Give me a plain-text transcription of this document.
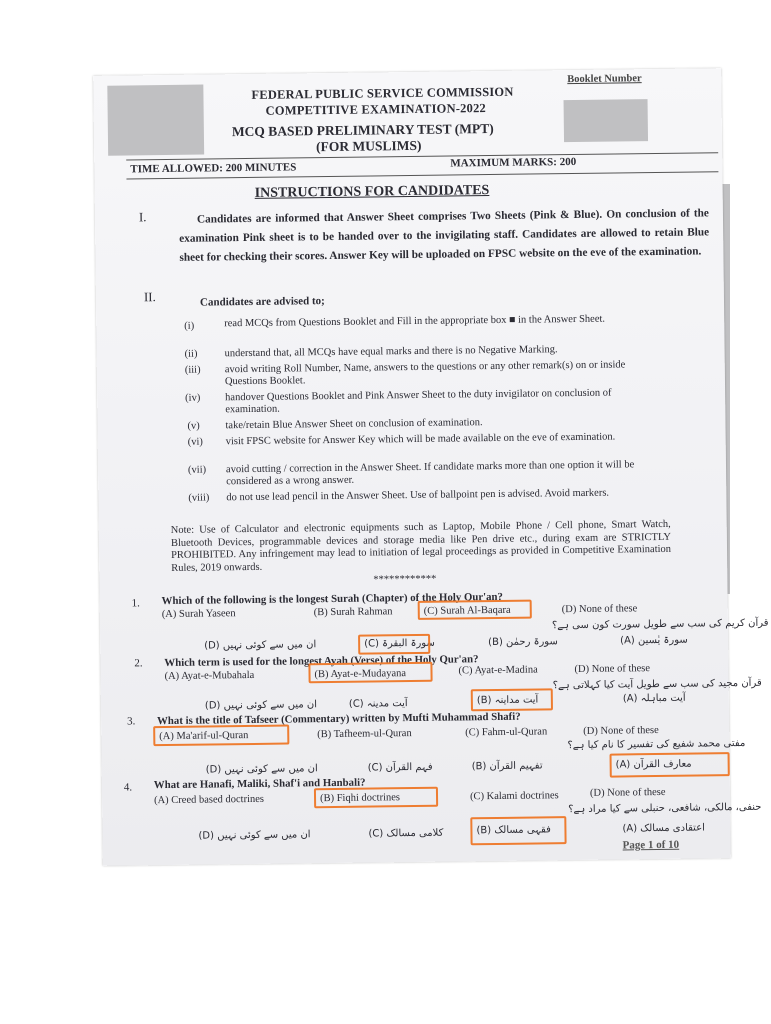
Booklet Number
FEDERAL PUBLIC SERVICE COMMISSION
COMPETITIVE EXAMINATION-2022
MCQ BASED PRELIMINARY TEST (MPT)
(FOR MUSLIMS)
TIME ALLOWED: 200 MINUTES	MAXIMUM MARKS: 200
INSTRUCTIONS FOR CANDIDATES
I.	Candidates are informed that Answer Sheet comprises Two Sheets (Pink & Blue). On conclusion of the examination Pink sheet is to be handed over to the invigilating staff. Candidates are allowed to retain Blue sheet for checking their scores. Answer Key will be uploaded on FPSC website on the eve of the examination.
II.	Candidates are advised to;
(i)	read MCQs from Questions Booklet and Fill in the appropriate box ■ in the Answer Sheet.
(ii)	understand that, all MCQs have equal marks and there is no Negative Marking.
(iii) avoid writing Roll Number, Name, answers to the questions or any other remark(s) on or inside Questions Booklet.
(iv) handover Questions Booklet and Pink Answer Sheet to the duty invigilator on conclusion of examination.
(v) take/retain Blue Answer Sheet on conclusion of examination.
(vi) visit FPSC website for Answer Key which will be made available on the eve of examination.
(vii) avoid cutting / correction in the Answer Sheet. If candidate marks more than one option it will be considered as a wrong answer.
(viii) do not use lead pencil in the Answer Sheet. Use of ballpoint pen is advised. Avoid markers.
Note: Use of Calculator and electronic equipments such as Laptop, Mobile Phone / Cell phone, Smart Watch, Bluetooth Devices, programmable devices and storage media like Pen drive etc., during exam are STRICTLY PROHIBITED. Any infringement may lead to initiation of legal proceedings as provided in Competitive Examination Rules, 2019 onwards.
************
1. Which of the following is the longest Surah (Chapter) of the Holy Qur'an?
(A) Surah Yaseen	(B) Surah Rahman	(C) Surah Al-Baqara	(D) None of these
قرآن کریم کی سب سے طویل سورت کون سی ہے؟
(D) ان میں سے کوئی نہیں	(C) سورۃ البقرۃ	(B) سورۃ رحمٰن	(A) سورۃ یٰسین
2. Which term is used for the longest Ayah (Verse) of the Holy Qur'an?
(A) Ayat-e-Mubahala	(B) Ayat-e-Mudayana	(C) Ayat-e-Madina	(D) None of these
قرآن مجید کی سب سے طویل آیت کیا کہلاتی ہے؟
(D) ان میں سے کوئی نہیں	(C) آیت مدینہ	(B) آیت مداینہ	(A) آیت مباہلہ
3. What is the title of Tafseer (Commentary) written by Mufti Muhammad Shafi?
(A) Ma'arif-ul-Quran	(B) Tafheem-ul-Quran	(C) Fahm-ul-Quran	(D) None of these
مفتی محمد شفیع کی تفسیر کا نام کیا ہے؟
(D) ان میں سے کوئی نہیں	(C) فہم القرآن	(B) تفہیم القرآن	(A) معارف القرآن
4. What are Hanafi, Maliki, Shaf'i and Hanbali?
(A) Creed based doctrines	(B) Fiqhi doctrines	(C) Kalami doctrines	(D) None of these
حنفی، مالکی، شافعی، حنبلی سے کیا مراد ہے؟
(D) ان میں سے کوئی نہیں	(C) کلامی مسالک	(B) فقہی مسالک	(A) اعتقادی مسالک
Page 1 of 10
